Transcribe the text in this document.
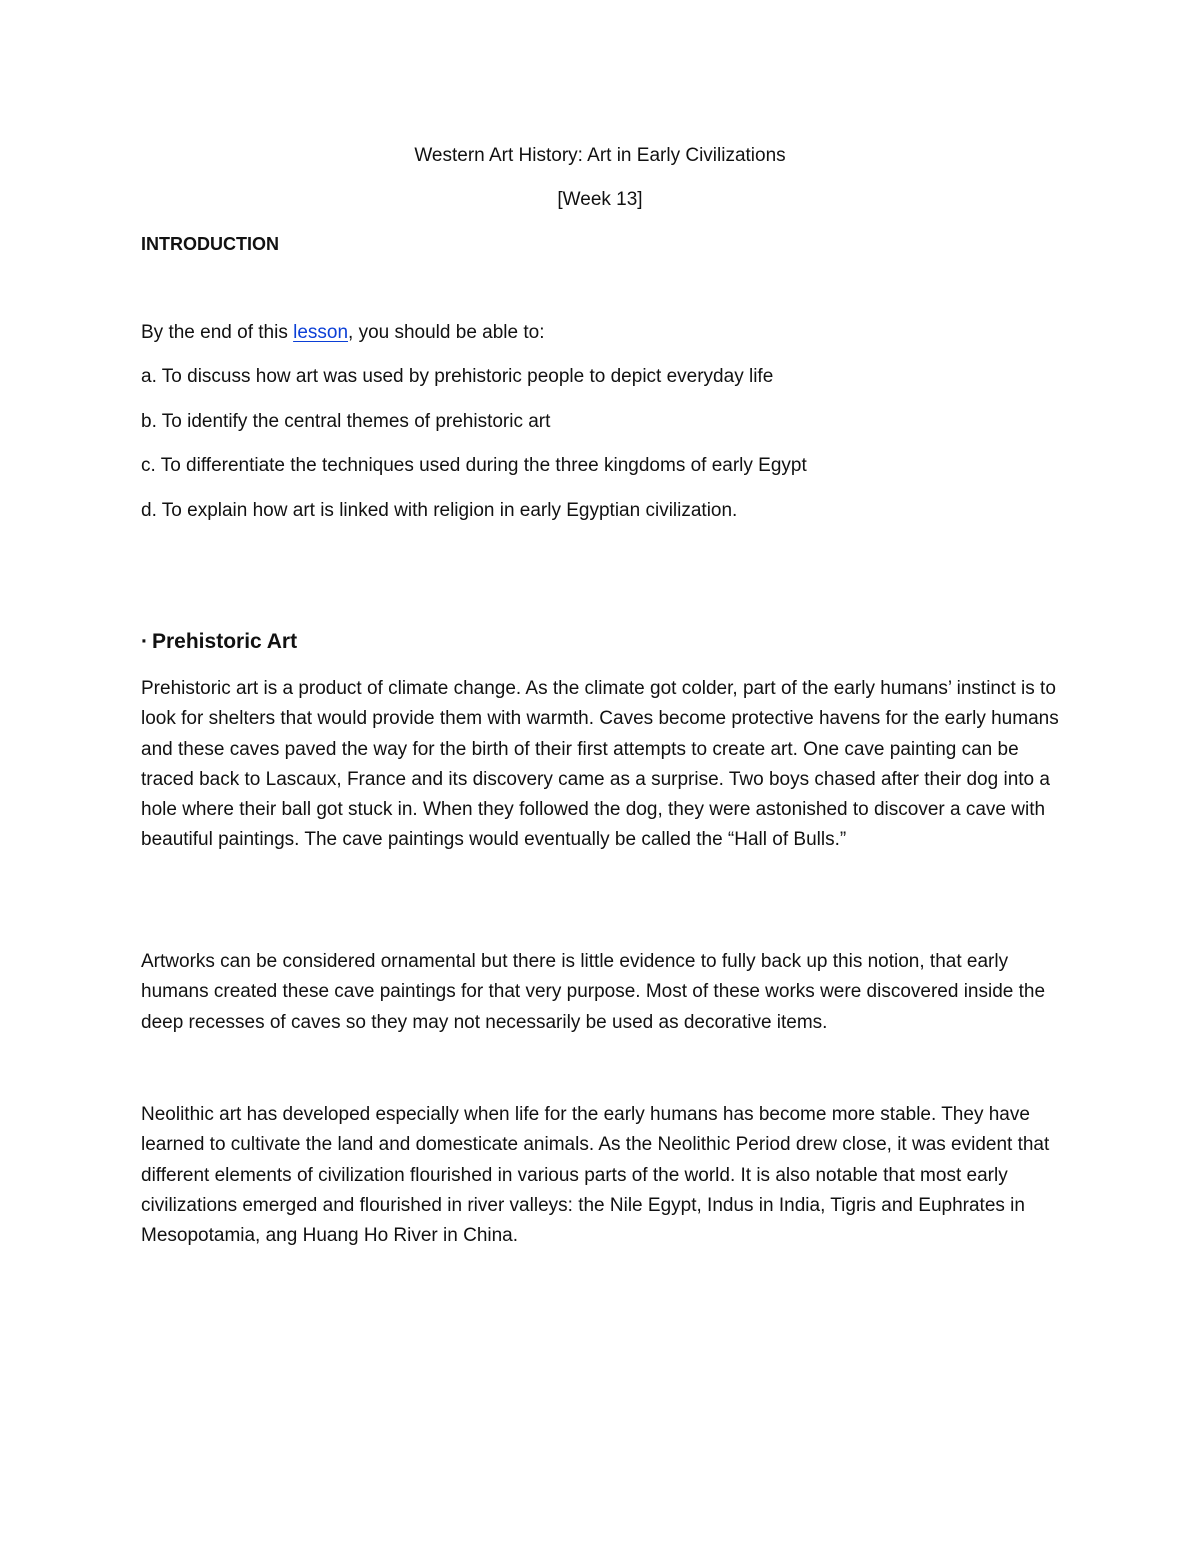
Western Art History: Art in Early Civilizations
[Week 13]
INTRODUCTION
By the end of this lesson, you should be able to:
a. To discuss how art was used by prehistoric people to depict everyday life
b. To identify the central themes of prehistoric art
c. To differentiate the techniques used during the three kingdoms of early Egypt
d. To explain how art is linked with religion in early Egyptian civilization.
· Prehistoric Art

Prehistoric art is a product of climate change. As the climate got colder, part of the early humans’ instinct is to look for shelters that would provide them with warmth. Caves become protective havens for the early humans and these caves paved the way for the birth of their first attempts to create art. One cave painting can be traced back to Lascaux, France and its discovery came as a surprise. Two boys chased after their dog into a hole where their ball got stuck in. When they followed the dog, they were astonished to discover a cave with beautiful paintings. The cave paintings would eventually be called the “Hall of Bulls.”

Artworks can be considered ornamental but there is little evidence to fully back up this notion, that early humans created these cave paintings for that very purpose. Most of these works were discovered inside the deep recesses of caves so they may not necessarily be used as decorative items.

Neolithic art has developed especially when life for the early humans has become more stable. They have learned to cultivate the land and domesticate animals. As the Neolithic Period drew close, it was evident that different elements of civilization flourished in various parts of the world. It is also notable that most early civilizations emerged and flourished in river valleys: the Nile Egypt, Indus in India, Tigris and Euphrates in Mesopotamia, ang Huang Ho River in China.
